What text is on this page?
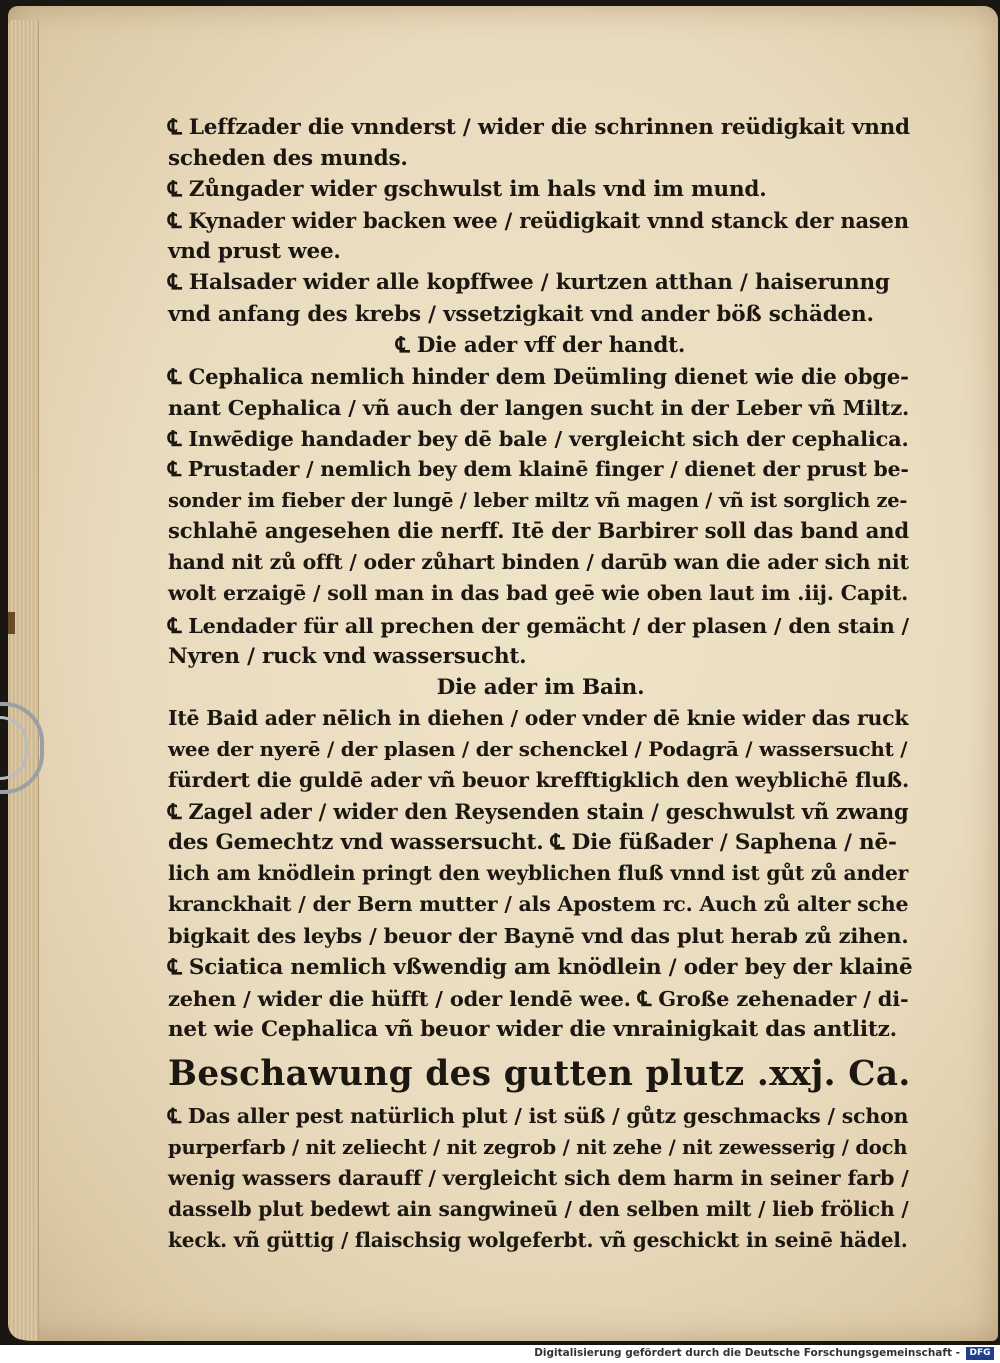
℄ Leffzader die vnnderst / wider die schrinnen reüdigkait vnnd
scheden des munds.
℄ Zůngader wider gschwulst im hals vnd im mund.
℄ Kynader wider backen wee / reüdigkait vnnd stanck der nasen
vnd prust wee.
℄ Halsader wider alle kopffwee / kurtzen atthan / haiserunng
vnd anfang des krebs / vssetzigkait vnd ander böß schäden.
℄ Die ader vff der handt.
℄ Cephalica nemlich hinder dem Deümling dienet wie die obge-
nant Cephalica / vñ auch der langen sucht in der Leber vñ Miltz.
℄ Inwēdige handader bey dē bale / vergleicht sich der cephalica.
℄ Prustader / nemlich bey dem klainē finger / dienet der prust be-
sonder im fieber der lungē / leber miltz vñ magen / vñ ist sorglich ze-
schlahē angesehen die nerff. Itē der Barbirer soll das band and
hand nit zů offt / oder zůhart binden / darūb wan die ader sich nit
wolt erzaigē / soll man in das bad geē wie oben laut im .iij. Capit.
℄ Lendader für all prechen der gemächt / der plasen / den stain /
Nyren / ruck vnd wassersucht.
Die ader im Bain.
Itē Baid ader nēlich in diehen / oder vnder dē knie wider das ruck
wee der nyerē / der plasen / der schenckel / Podagrā / wassersucht /
fürdert die guldē ader vñ beuor krefftigklich den weyblichē fluß.
℄ Zagel ader / wider den Reysenden stain / geschwulst vñ zwang
des Gemechtz vnd wassersucht. ℄ Die füßader / Saphena / nē-
lich am knödlein pringt den weyblichen fluß vnnd ist gůt zů ander
kranckhait / der Bern mutter / als Apostem rc. Auch zů alter sche
bigkait des leybs / beuor der Baynē vnd das plut herab zů zihen.
℄ Sciatica nemlich vßwendig am knödlein / oder bey der klainē
zehen / wider die hüfft / oder lendē wee. ℄ Große zehenader / di-
net wie Cephalica vñ beuor wider die vnrainigkait das antlitz.
Beschawung des gutten plutz .xxj. Ca.
℄ Das aller pest natürlich plut / ist süß / gůtz geschmacks / schon
purperfarb / nit zeliecht / nit zegrob / nit zehe / nit zewesserig / doch
wenig wassers darauff / vergleicht sich dem harm in seiner farb /
dasselb plut bedewt ain sangwineū / den selben milt / lieb frölich /
keck. vñ güttig / flaischsig wolgeferbt. vñ geschickt in seinē hädel.
Digitalisierung gefördert durch die Deutsche Forschungsgemeinschaft -	DFG
